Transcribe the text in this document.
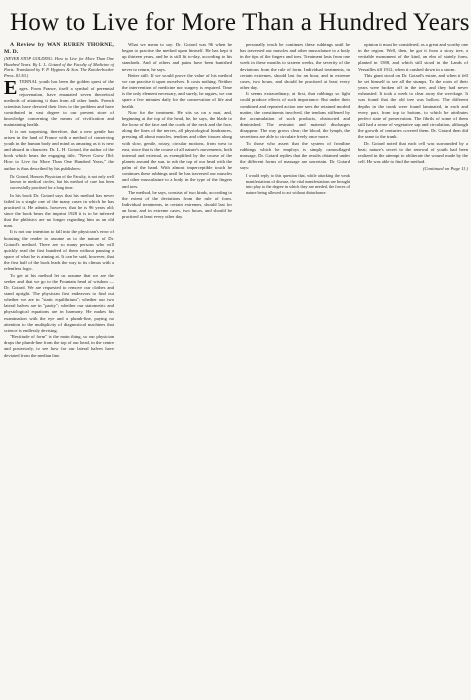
How to Live for More Than a Hundred Years

A Review by WAN RUREN THORNE, M. D.

(NEVER STOP GOLDING: How to Live for More Than One Hundred Years. By L. L. Gotard of the Faculty of Medicine of Paris. Translated by F. P. Hygines & Son. The Knickerbocker Press. $1.50.)

ETERNAL youth has been the golden quest of the ages. From France, itself a symbol of perennial rejuvenation, have emanated seven theoretical methods of attaining it than from all other lands. French scientists have devoted their lives to the problem and have contributed in vast degree to our present store of knowledge concerning the means of vivification and maintaining health.

It is not surprising, therefore, that a new gentle has arisen in the land of France with a method of conserving youth in the human body and mind as amazing as it is new and absurd in character. Dr. L. H. Gotard, the author of the book which bears the engaging title, "Never Grow Old: How to Live for More Than One Hundred Years," the author is thus described by his publishers:

Dr. Gotard, Honoris Physician of the Faculty, is not only well known in medical circles, but his method of cure has been successfully practised for a long time.

In his book Dr. Gotard says that his method has never failed in a single one of the many cases in which he has practised it. He admits, however, that he is 96 years old; since the book bears the imprint 1928 it is to be inferred that the phthisics are no longer regarding him as an old man.

It is not our intention to fall into the physician's error of boasting the reader to assume as to the nature of Dr. Gotard's method. There are so many persons who will quickly read the first hundred of them without pausing a space of what he is aiming at. It can be said, however, that the first half of the book leads the way to its climax with a relentless logic.

To get at his method let us assume that we are the seeker and that we go to the Fountain head of wisdom — Dr. Gotard. We are requested to remove our clothes and stand upright. The physician first endeavors to find out whether we are in "static equilibrium"; whether our two lateral halves are in "parity"; whether our statometric and physiological equations are in harmony. He makes his examination with the eye and a plumb-line, paying no attention to the multiplicity of diagnostical machines that science is endlessly devising.

"Rectitude of form" is the main thing, so our physician drops the plumb-line from the top of our head, in the centre and posteriorly, to see how far our lateral halves have deviated from the median line.

What we mean to say: Dr. Gotard was 96 when he began to practise the method upon himself. He has kept it up thirteen years, and he is still fit to-day, according to his standards. And of others and pains have been banished never to return, he says.

Better still: If we would prove the value of his method we can practise it upon ourselves. It costs nothing. Neither the intervention of medicine nor surgery is required. Time is the only element necessary, and surely, he argues, we can spare a few minutes daily for the conservation of life and health.

Now for the treatment. He sits us on a mat, and, beginning at the top of the head, he, he says, the blade to the loose of the face and the cords of the neck and the face, along the lines of the nerves, all physiological hindrances, pressing all about muscles, tendons and other tissues along with slow, gentle, rotary, circular motions, from west to east, since that is the course of all nature's movements, both internal and external, as exemplified by the course of the planets around the sun, to rub the top of our head with the palm of the hand. With almost imperceptible touch he continues these rubbings until he has traversed our muscles and other musculature to a body in the type of the fingers and toes.

The method, he says, consists of two kinds, according to the extent of the deviations from the rule of form. Individual treatments, in certain extremes, should last for an hour, and in extreme cases, two hours, and should be practised at least every other day.

personally teach he continues these rubbings until he has traversed our muscles and other musculature to a body in the tips of the fingers and toes. Treatment lasts from one week in these months to sixteen weeks, the severity of the deviations from the rule of form. Individual treatments, in certain extremes, should last for an hour, and in extreme cases, two hours, and should be practised at least every other day.

It seems extraordinary, at first, that rubbings so light could produce effects of such importance. But under their combined and repeated action one sees the retained morbid matter, the constituents involved, the tendons stiffened by the accumulation of such products, obstructed and diminished. The restraint and material discharges disappear. The way grows clear; the blood, the lymph, the secretions are able to circulate freely once more.

To those who assert that the system of frontline rubbings which he employs is simply camouflaged massage, Dr. Gotard replies that the results obtained under the different forms of massage are uncertain. Dr. Gotard says:

I would reply to this question that, while attacking the weak manifestations of disease, the vital manifestations are brought into play to the degree in which they are needed, the forces of nature being allowed to act without disturbance.

opinion it must be considered, as a great and worthy one in the region. Well, then, he got it from a story tree, a veritable monument of the kind, an elm of stately form, planted in 1588, and which still stood in the Lands of Versailles till 1912, when it crashed down in a storm.

This giant stood on Dr. Gotard's estate, and when it fell he set himself to see all the stumps. To the roots of their years were broken off in the tree, and they had never exhausted. It took a week to clear away the wreckage. It was found that the old tree was hollow. The different depths in the trunk were found laminated, in each and every part, from top to bottom, to which he attributes perfect state of preservation. The fibrils of some of them still had a sense of vegetative sap and circulation, although the growth of centuries covered them. Dr. Gotard then did the same to the trunk.

Dr. Gotard noted that each cell was surrounded by a heat; nature's secret to the renewal of youth had been realized in the attempt to obliterate the wound made by the cell. He was able to find the method.

(Continued on Page 11.)
